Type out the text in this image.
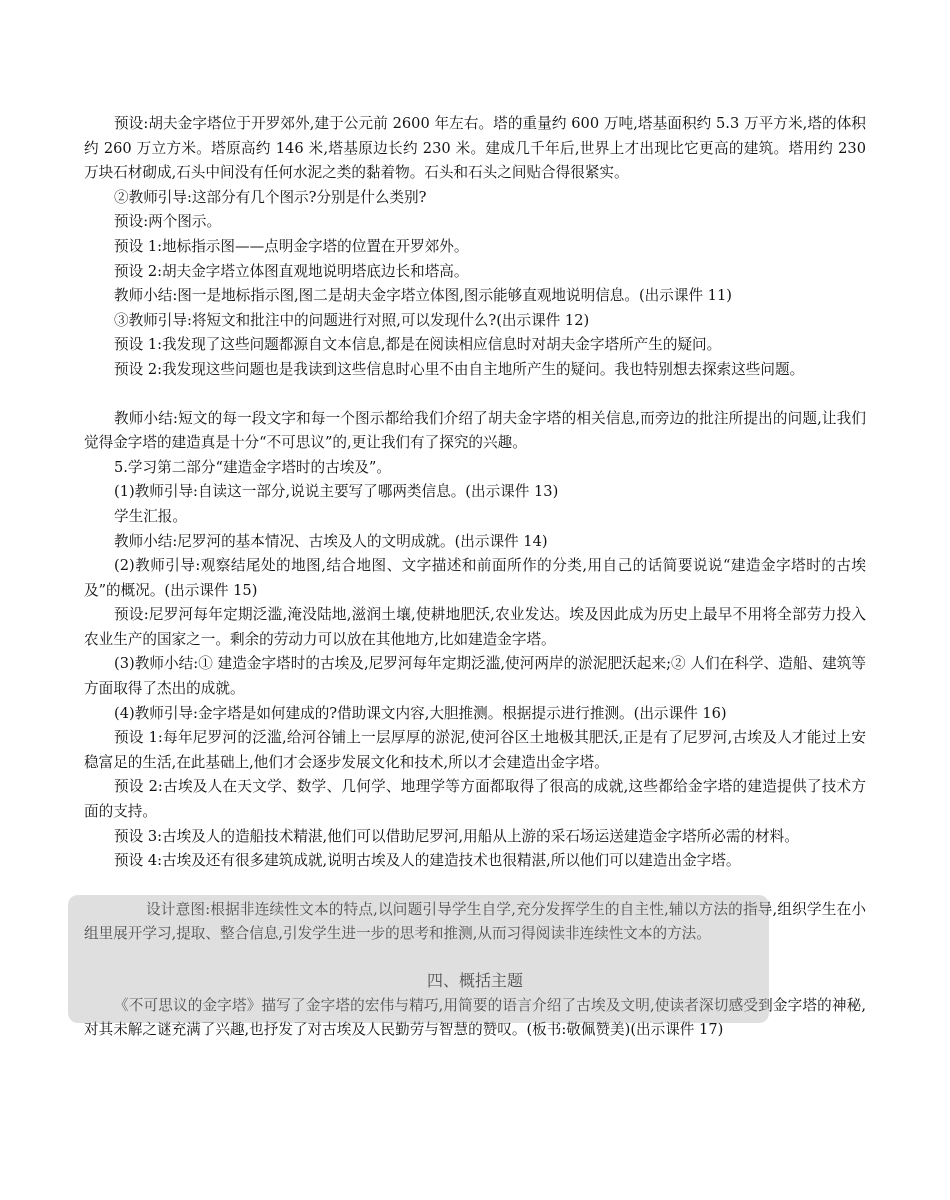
预设:胡夫金字塔位于开罗郊外,建于公元前 2600 年左右。塔的重量约 600 万吨,塔基面积约 5.3 万平方米,塔的体积约 260 万立方米。塔原高约 146 米,塔基原边长约 230 米。建成几千年后,世界上才出现比它更高的建筑。塔用约 230 万块石材砌成,石头中间没有任何水泥之类的黏着物。石头和石头之间贴合得很紧实。

②教师引导:这部分有几个图示?分别是什么类别?

预设:两个图示。

预设 1:地标指示图——点明金字塔的位置在开罗郊外。

预设 2:胡夫金字塔立体图直观地说明塔底边长和塔高。

教师小结:图一是地标指示图,图二是胡夫金字塔立体图,图示能够直观地说明信息。(出示课件 11)

③教师引导:将短文和批注中的问题进行对照,可以发现什么?(出示课件 12)

预设 1:我发现了这些问题都源自文本信息,都是在阅读相应信息时对胡夫金字塔所产生的疑问。

预设 2:我发现这些问题也是我读到这些信息时心里不由自主地所产生的疑问。我也特别想去探索这些问题。

教师小结:短文的每一段文字和每一个图示都给我们介绍了胡夫金字塔的相关信息,而旁边的批注所提出的问题,让我们觉得金字塔的建造真是十分“不可思议”的,更让我们有了探究的兴趣。

5.学习第二部分“建造金字塔时的古埃及”。

(1)教师引导:自读这一部分,说说主要写了哪两类信息。(出示课件 13)

学生汇报。

教师小结:尼罗河的基本情况、古埃及人的文明成就。(出示课件 14)

(2)教师引导:观察结尾处的地图,结合地图、文字描述和前面所作的分类,用自己的话简要说说“建造金字塔时的古埃及”的概况。(出示课件 15)

预设:尼罗河每年定期泛滥,淹没陆地,滋润土壤,使耕地肥沃,农业发达。埃及因此成为历史上最早不用将全部劳力投入农业生产的国家之一。剩余的劳动力可以放在其他地方,比如建造金字塔。

(3)教师小结:① 建造金字塔时的古埃及,尼罗河每年定期泛滥,使河两岸的淤泥肥沃起来;② 人们在科学、造船、建筑等方面取得了杰出的成就。

(4)教师引导:金字塔是如何建成的?借助课文内容,大胆推测。根据提示进行推测。(出示课件 16)

预设 1:每年尼罗河的泛滥,给河谷铺上一层厚厚的淤泥,使河谷区土地极其肥沃,正是有了尼罗河,古埃及人才能过上安稳富足的生活,在此基础上,他们才会逐步发展文化和技术,所以才会建造出金字塔。

预设 2:古埃及人在天文学、数学、几何学、地理学等方面都取得了很高的成就,这些都给金字塔的建造提供了技术方面的支持。

预设 3:古埃及人的造船技术精湛,他们可以借助尼罗河,用船从上游的采石场运送建造金字塔所必需的材料。

预设 4:古埃及还有很多建筑成就,说明古埃及人的建造技术也很精湛,所以他们可以建造出金字塔。

设计意图:根据非连续性文本的特点,以问题引导学生自学,充分发挥学生的自主性,辅以方法的指导,组织学生在小组里展开学习,提取、整合信息,引发学生进一步的思考和推测,从而习得阅读非连续性文本的方法。

四、概括主题

《不可思议的金字塔》描写了金字塔的宏伟与精巧,用简要的语言介绍了古埃及文明,使读者深切感受到金字塔的神秘,对其未解之谜充满了兴趣,也抒发了对古埃及人民勤劳与智慧的赞叹。(板书:敬佩赞美)(出示课件 17)
